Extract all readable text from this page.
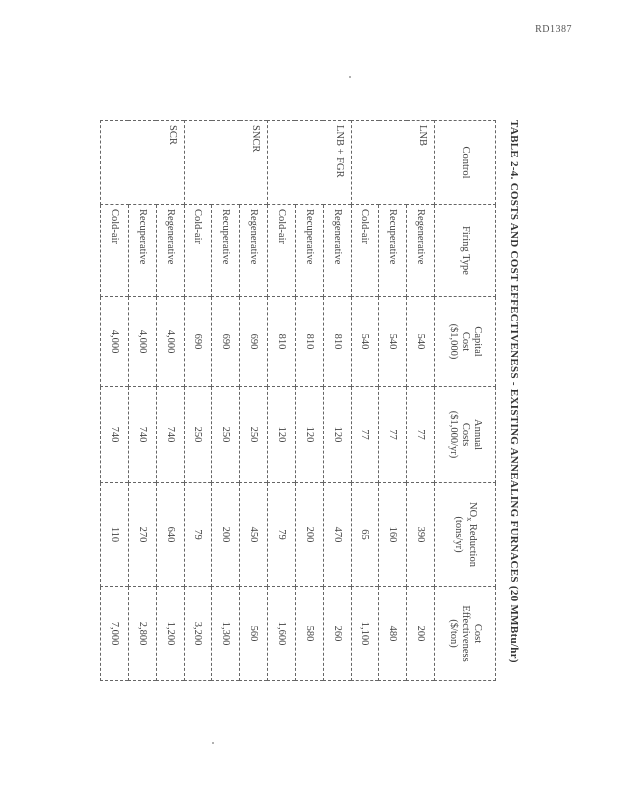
RD1387
TABLE 2-4. COSTS AND COST EFFECTIVENESS - EXISTING ANNEALING FURNACES (20 MMBtu/hr)
Control	Firing Type	Capital
Cost
($1,000)	Annual
Costs
($1,000/yr)	$NO_x$ Reduction
(tons/yr)	Cost
Effectiveness
($/ton)

LNB	Regenerative	540	77	390	200
	Recuperative	540	77	160	480
	Cold-air	540	77	65	1,100
LNB + FGR	Regenerative	810	120	470	260
	Recuperative	810	120	200	580
	Cold-air	810	120	79	1,600
SNCR	Regenerative	690	250	450	560
	Recuperative	690	250	200	1,300
	Cold-air	690	250	79	3,200
SCR	Regenerative	4,000	740	640	1,200
	Recuperative	4,000	740	270	2,800
	Cold-air	4,000	740	110	7,000
